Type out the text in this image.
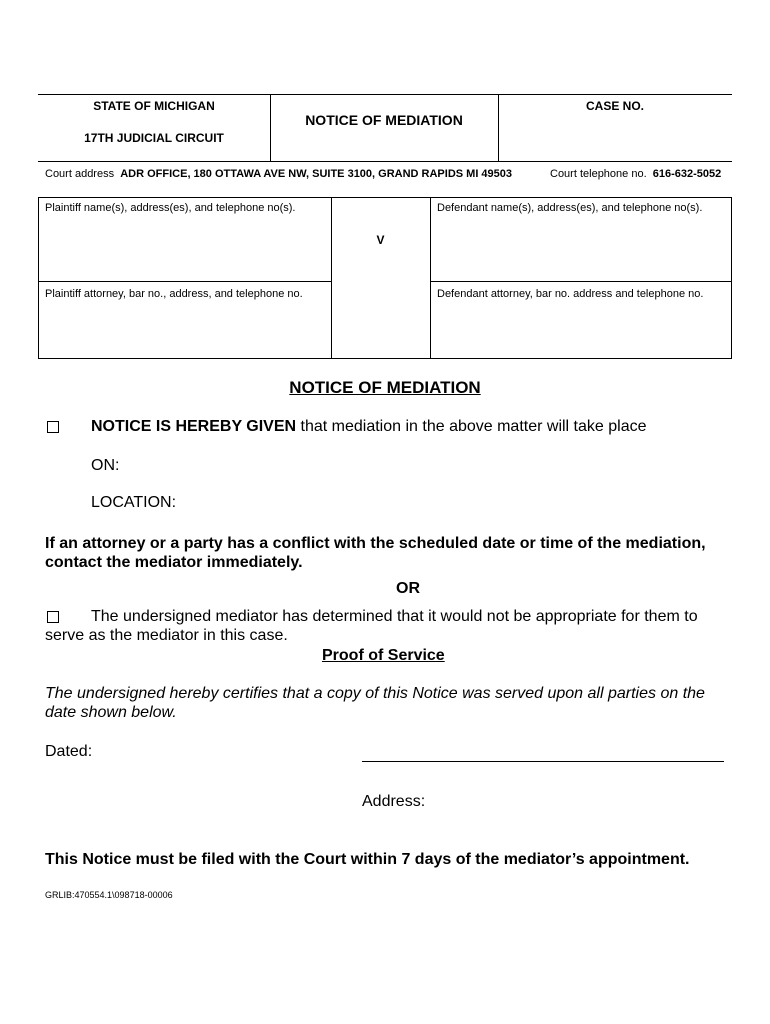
STATE OF MICHIGAN
17TH JUDICIAL CIRCUIT
NOTICE OF MEDIATION
CASE NO.
Court address ADR OFFICE, 180 OTTAWA AVE NW, SUITE 3100, GRAND RAPIDS MI 49503	Court telephone no. 616-632-5052
Plaintiff name(s), address(es), and telephone no(s).
V
Defendant name(s), address(es), and telephone no(s).
Plaintiff attorney, bar no., address, and telephone no.	Defendant attorney, bar no. address and telephone no.
NOTICE OF MEDIATION
NOTICE IS HEREBY GIVEN that mediation in the above matter will take place
ON:
LOCATION:
If an attorney or a party has a conflict with the scheduled date or time of the mediation,
contact the mediator immediately.
OR
The undersigned mediator has determined that it would not be appropriate for them to
serve as the mediator in this case.
Proof of Service
The undersigned hereby certifies that a copy of this Notice was served upon all parties on the
date shown below.
Dated:
Address:
This Notice must be filed with the Court within 7 days of the mediator’s appointment.
GRLIB:470554.1\098718-00006
